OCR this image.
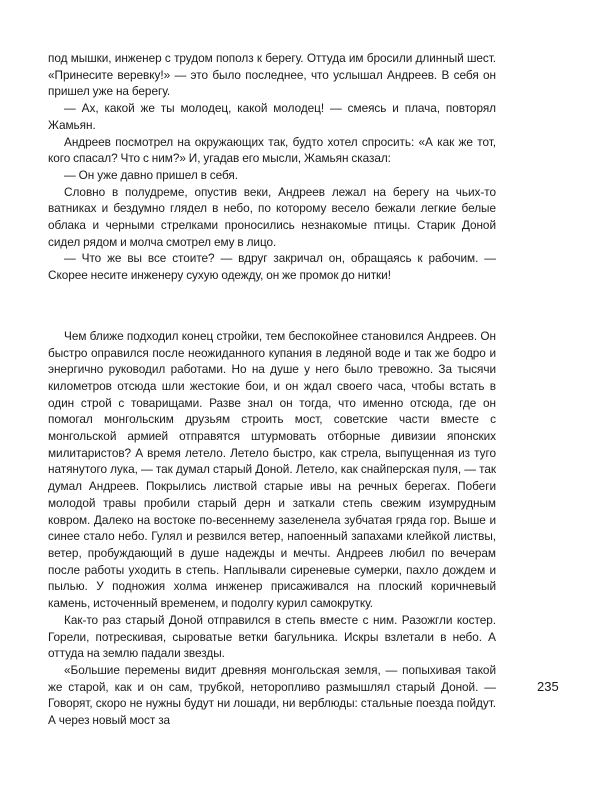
под мышки, инженер с трудом пополз к берегу. Оттуда им бросили длинный шест. «Принесите веревку!» — это было последнее, что услышал Андреев. В себя он пришел уже на берегу.

— Ах, какой же ты молодец, какой молодец! — смеясь и плача, повторял Жамьян.

Андреев посмотрел на окружающих так, будто хотел спросить: «А как же тот, кого спасал? Что с ним?» И, угадав его мысли, Жамьян сказал:

— Он уже давно пришел в себя.

Словно в полудреме, опустив веки, Андреев лежал на берегу на чьих-то ватниках и бездумно глядел в небо, по которому весело бежали легкие белые облака и черными стрелками проносились незнакомые птицы. Старик Доной сидел рядом и молча смотрел ему в лицо.

— Что же вы все стоите? — вдруг закричал он, обращаясь к рабочим. — Скорее несите инженеру сухую одежду, он же промок до нитки!

Чем ближе подходил конец стройки, тем беспокойнее становился Андреев. Он быстро оправился после неожиданного купания в ледяной воде и так же бодро и энергично руководил работами. Но на душе у него было тревожно. За тысячи километров отсюда шли жестокие бои, и он ждал своего часа, чтобы встать в один строй с товарищами. Разве знал он тогда, что именно отсюда, где он помогал монгольским друзьям строить мост, советские части вместе с монгольской армией отправятся штурмовать отборные дивизии японских милитаристов? А время летело. Летело быстро, как стрела, выпущенная из туго натянутого лука, — так думал старый Доной. Летело, как снайперская пуля, — так думал Андреев. Покрылись листвой старые ивы на речных берегах. Побеги молодой травы пробили старый дерн и заткали степь свежим изумрудным ковром. Далеко на востоке по-весеннему зазеленела зубчатая гряда гор. Выше и синее стало небо. Гулял и резвился ветер, напоенный запахами клейкой листвы, ветер, пробуждающий в душе надежды и мечты. Андреев любил по вечерам после работы уходить в степь. Наплывали сиреневые сумерки, пахло дождем и пылью. У подножия холма инженер присаживался на плоский коричневый камень, источенный временем, и подолгу курил самокрутку.

Как-то раз старый Доной отправился в степь вместе с ним. Разожгли костер. Горели, потрескивая, сыроватые ветки багульника. Искры взлетали в небо. А оттуда на землю падали звезды.

«Большие перемены видит древняя монгольская земля, — попыхивая такой же старой, как и он сам, трубкой, неторопливо размышлял старый Доной. — Говорят, скоро не нужны будут ни лошади, ни верблюды: стальные поезда пойдут. А через новый мост за

235
